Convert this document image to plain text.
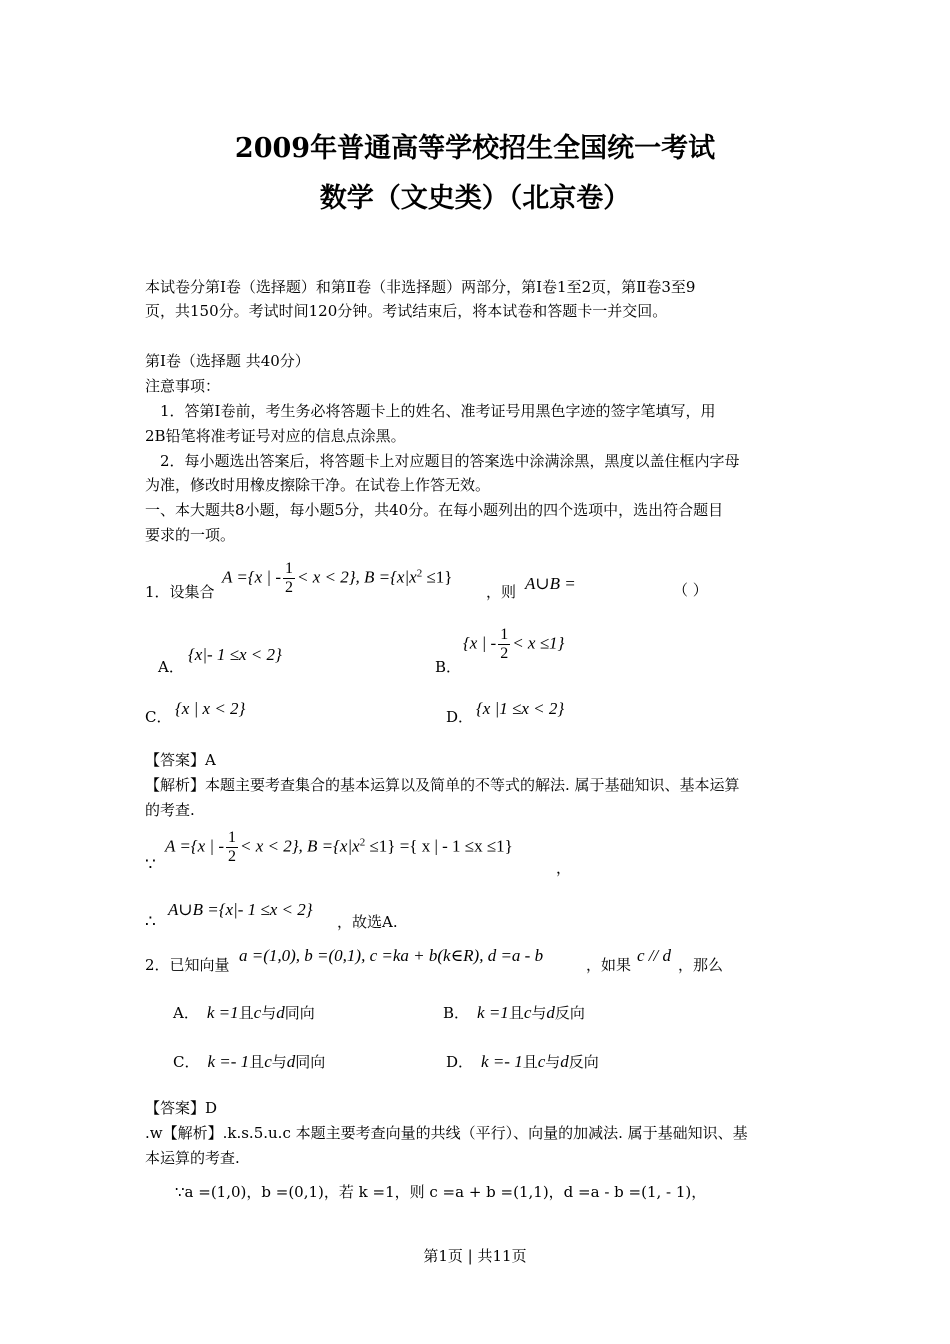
2009年普通高等学校招生全国统一考试
数学（文史类）（北京卷）
本试卷分第Ⅰ卷（选择题）和第Ⅱ卷（非选择题）两部分，第Ⅰ卷1至2页，第Ⅱ卷3至9
页，共150分。考试时间120分钟。考试结束后，将本试卷和答题卡一并交回。
第Ⅰ卷（选择题 共40分）
注意事项：
1．答第Ⅰ卷前，考生务必将答题卡上的姓名、准考证号用黑色字迹的签字笔填写，用
2B铅笔将准考证号对应的信息点涂黑。
2．每小题选出答案后，将答题卡上对应题目的答案选中涂满涂黑，黑度以盖住框内字母
为准，修改时用橡皮擦除干净。在试卷上作答无效。
一、本大题共8小题，每小题5分，共40分。在每小题列出的四个选项中，选出符合题目
要求的一项。
1．设集合
A ={x | - $\frac{1}{2} < x < 2$}, $B =\{x|x^2 \le 1\}$
，则 A∪B =	（ ）
A．
{x|- 1 ≤x < 2}
B．
{x | - $\frac{1}{2} < x \le 1$}
C． {x | x < 2}	D． {x |1 ≤x < 2}
【答案】A
【解析】本题主要考查集合的基本运算以及简单的不等式的解法. 属于基础知识、基本运算
的考查.
∵
A ={x | - $\frac{1}{2} < x < 2$}, $B =\{x|x^2 \le 1\}$ ={ x | - 1 ≤x ≤1}
，
∴
A∪B ={x|- 1 ≤x < 2}
，故选A.
2．已知向量 a =(1,0), b =(0,1), c =ka + b(k∈R), d =a - b	，如果 c // d ，那么
A． k =1且c与d同向	B． k =1且c与d反向
C． k =- 1且c与d同向	D． k =- 1且c与d反向
【答案】D
.w【解析】.k.s.5.u.c 本题主要考查向量的共线（平行）、向量的加减法. 属于基础知识、基
本运算的考查.
∵a =(1,0)，b =(0,1)，若 k =1，则 c =a + b =(1,1)，d =a - b =(1, - 1)，
第1页 | 共11页
